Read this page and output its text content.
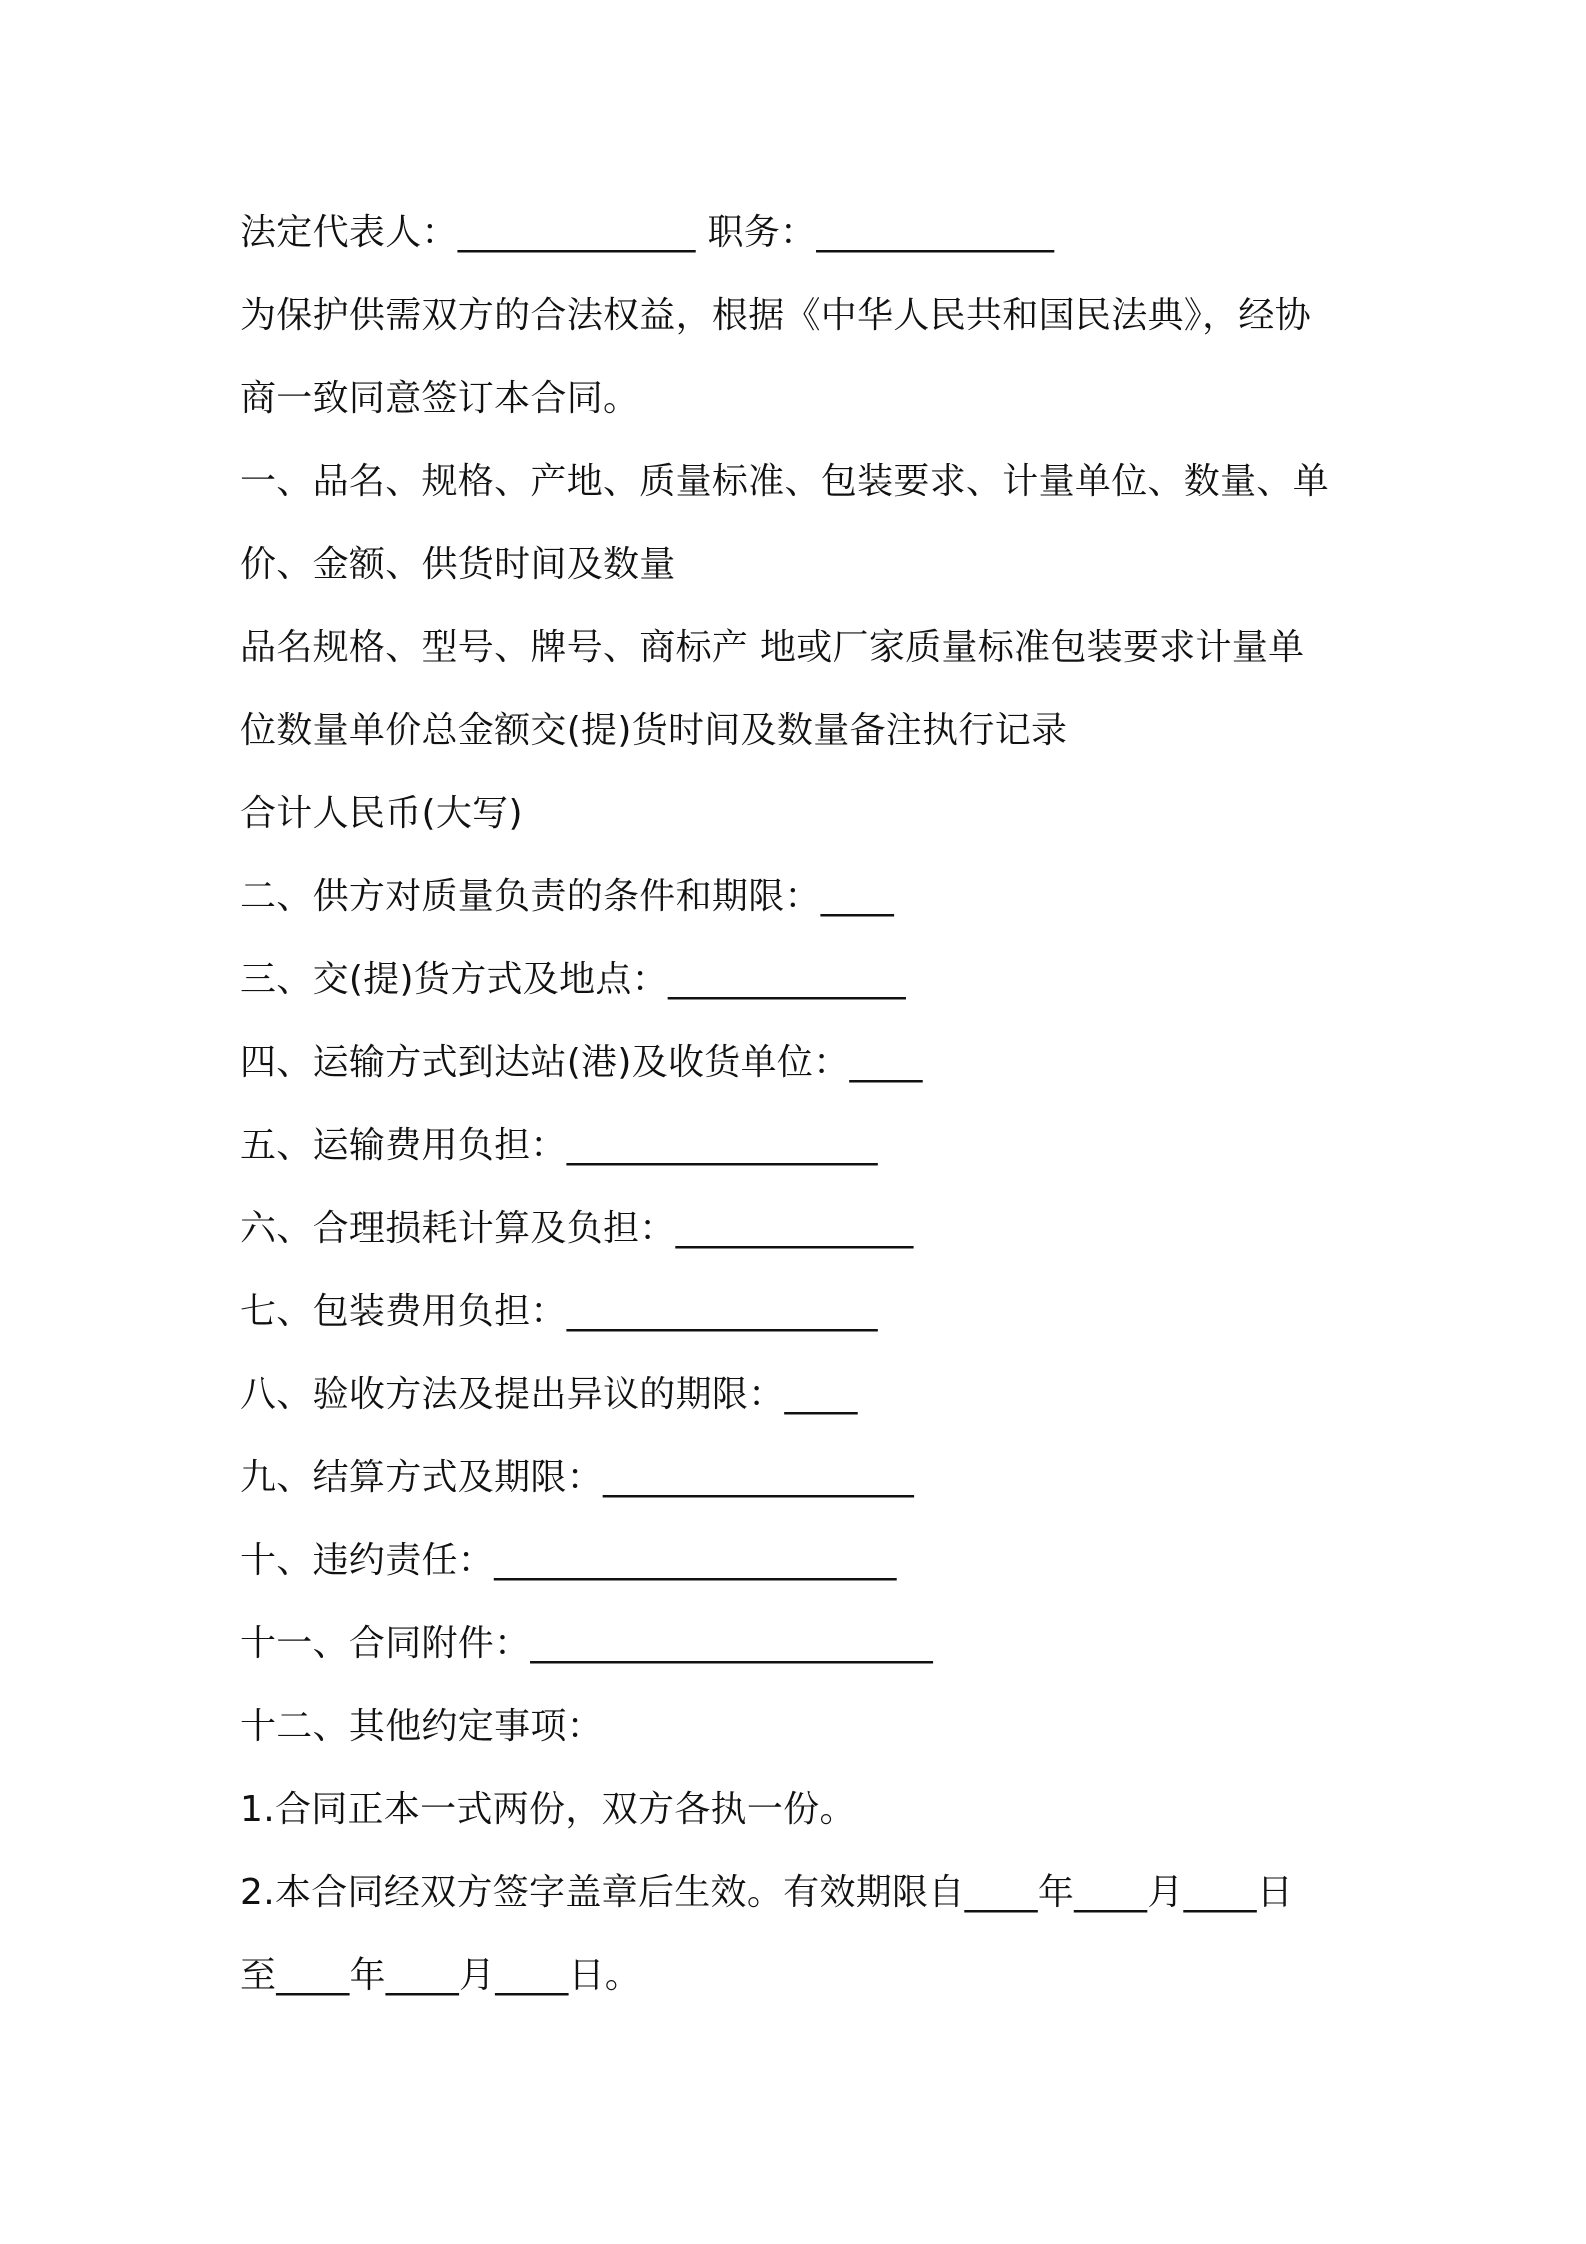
法定代表人：_____________ 职务：_____________
为保护供需双方的合法权益，根据《中华人民共和国民法典》，经协
商一致同意签订本合同。
一、品名、规格、产地、质量标准、包装要求、计量单位、数量、单
价、金额、供货时间及数量
品名规格、型号、牌号、商标产 地或厂家质量标准包装要求计量单
位数量单价总金额交(提)货时间及数量备注执行记录
合计人民币(大写)
二、供方对质量负责的条件和期限：____
三、交(提)货方式及地点：_____________
四、运输方式到达站(港)及收货单位：____
五、运输费用负担：_________________
六、合理损耗计算及负担：_____________
七、包装费用负担：_________________
八、验收方法及提出异议的期限：____
九、结算方式及期限：_________________
十、违约责任：______________________
十一、合同附件：______________________
十二、其他约定事项：
1.合同正本一式两份，双方各执一份。
2.本合同经双方签字盖章后生效。有效期限自____年____月____日
至____年____月____日。
